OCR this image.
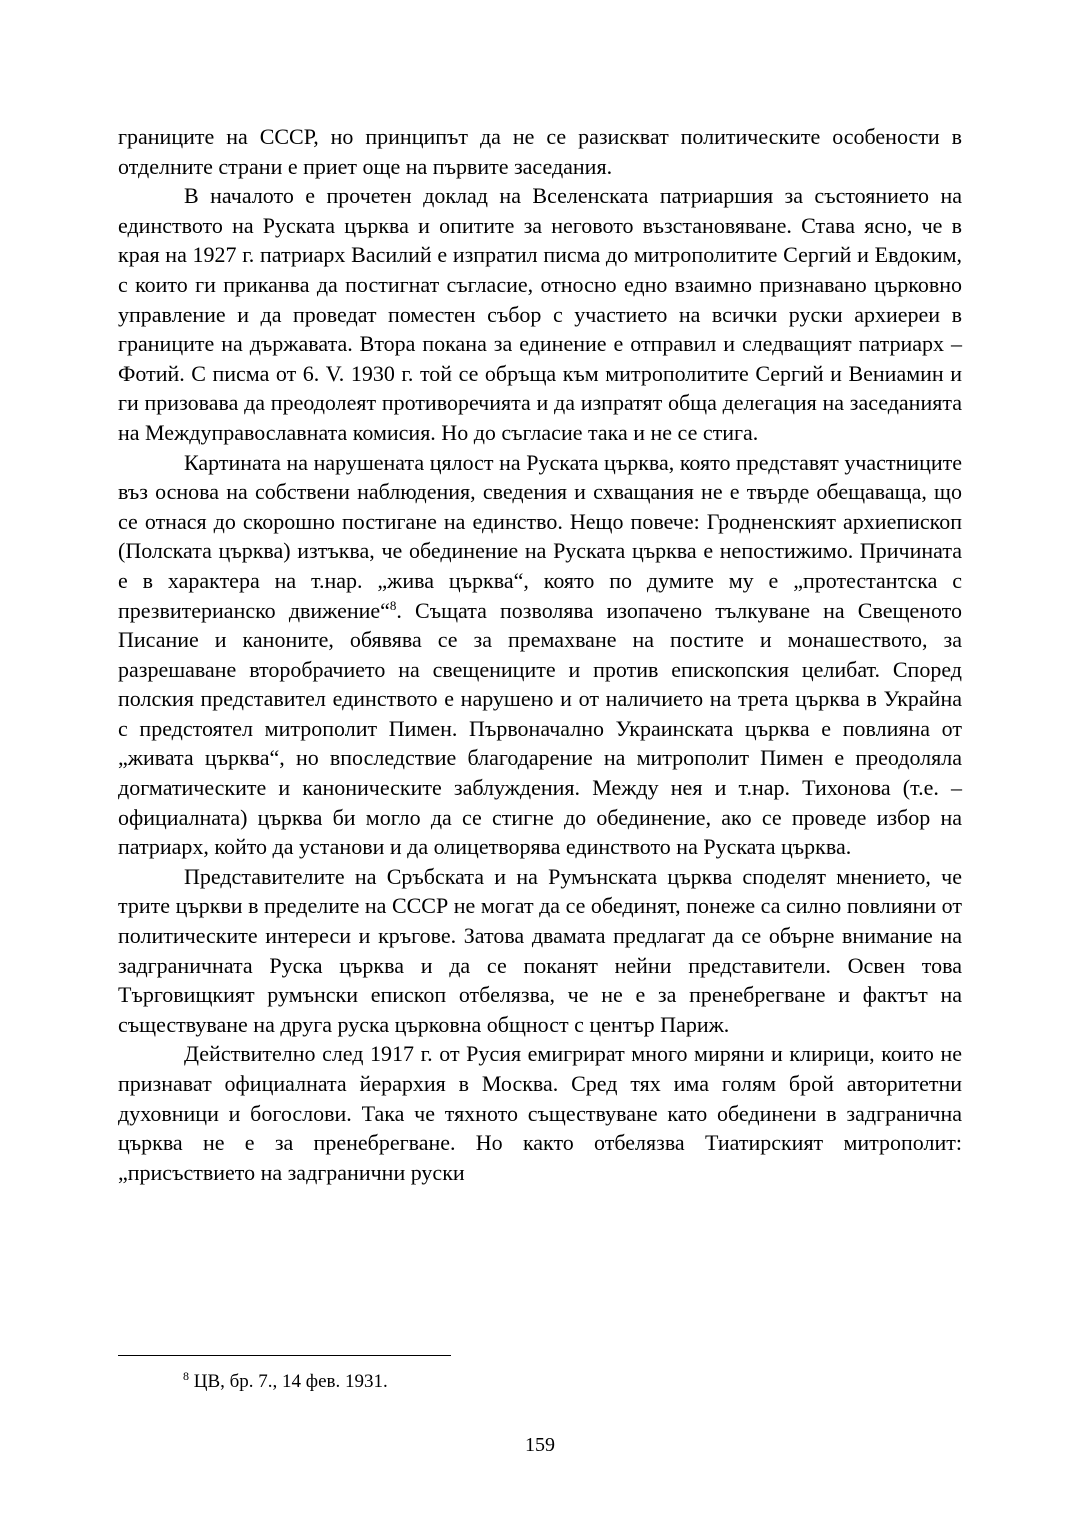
границите на СССР, но принципът да не се разискват политическите особености в отделните страни е приет още на първите заседания.

В началото е прочетен доклад на Вселенската патриаршия за състоянието на единството на Руската църква и опитите за неговото възстановяване. Става ясно, че в края на 1927 г. патриарх Василий е изпратил писма до митрополитите Сергий и Евдоким, с които ги приканва да постигнат съгласие, относно едно взаимно признавано църковно управление и да проведат поместен събор с участието на всички руски архиереи в границите на държавата. Втора покана за единение е отправил и следващият патриарх – Фотий. С писма от 6. V. 1930 г. той се обръща към митрополитите Сергий и Вениамин и ги призовава да преодолеят противоречията и да изпратят обща делегация на заседанията на Междуправославната комисия. Но до съгласие така и не се стига.

Картината на нарушената цялост на Руската църква, която представят участниците въз основа на собствени наблюдения, сведения и схващания не е твърде обещаваща, що се отнася до скорошно постигане на единство. Нещо повече: Гродненският архиепископ (Полската църква) изтъква, че обединение на Руската църква е непостижимо. Причината е в характера на т.нар. „жива църква“, която по думите му е „протестантска с презвитерианско движение“$^8$. Същата позволява изопачено тълкуване на Свещеното Писание и каноните, обявява се за премахване на постите и монашеството, за разрешаване второбрачието на свещениците и против епископския целибат. Според полския представител единството е нарушено и от наличието на трета църква в Украйна с предстоятел митрополит Пимен. Първоначално Украинската църква е повлияна от „живата църква“, но впоследствие благодарение на митрополит Пимен е преодоляла догматическите и каноническите заблуждения. Между нея и т.нар. Тихонова (т.е. – официалната) църква би могло да се стигне до обединение, ако се проведе избор на патриарх, който да установи и да олицетворява единството на Руската църква.

Представителите на Сръбската и на Румънската църква споделят мнението, че трите църкви в пределите на СССР не могат да се обединят, понеже са силно повлияни от политическите интереси и кръгове. Затова двамата предлагат да се обърне внимание на задграничната Руска църква и да се поканят нейни представители. Освен това Търговищкият румънски епископ отбелязва, че не е за пренебрегване и фактът на съществуване на друга руска църковна общност с център Париж.

Действително след 1917 г. от Русия емигрират много миряни и клирици, които не признават официалната йерархия в Москва. Сред тях има голям брой авторитетни духовници и богослови. Така че тяхното съществуване като обединени в задгранична църква не е за пренебрегване. Но както отбелязва Тиатирският митрополит: „присъствието на задгранични руски

$^8$ ЦВ, бр. 7., 14 фев. 1931.
159
